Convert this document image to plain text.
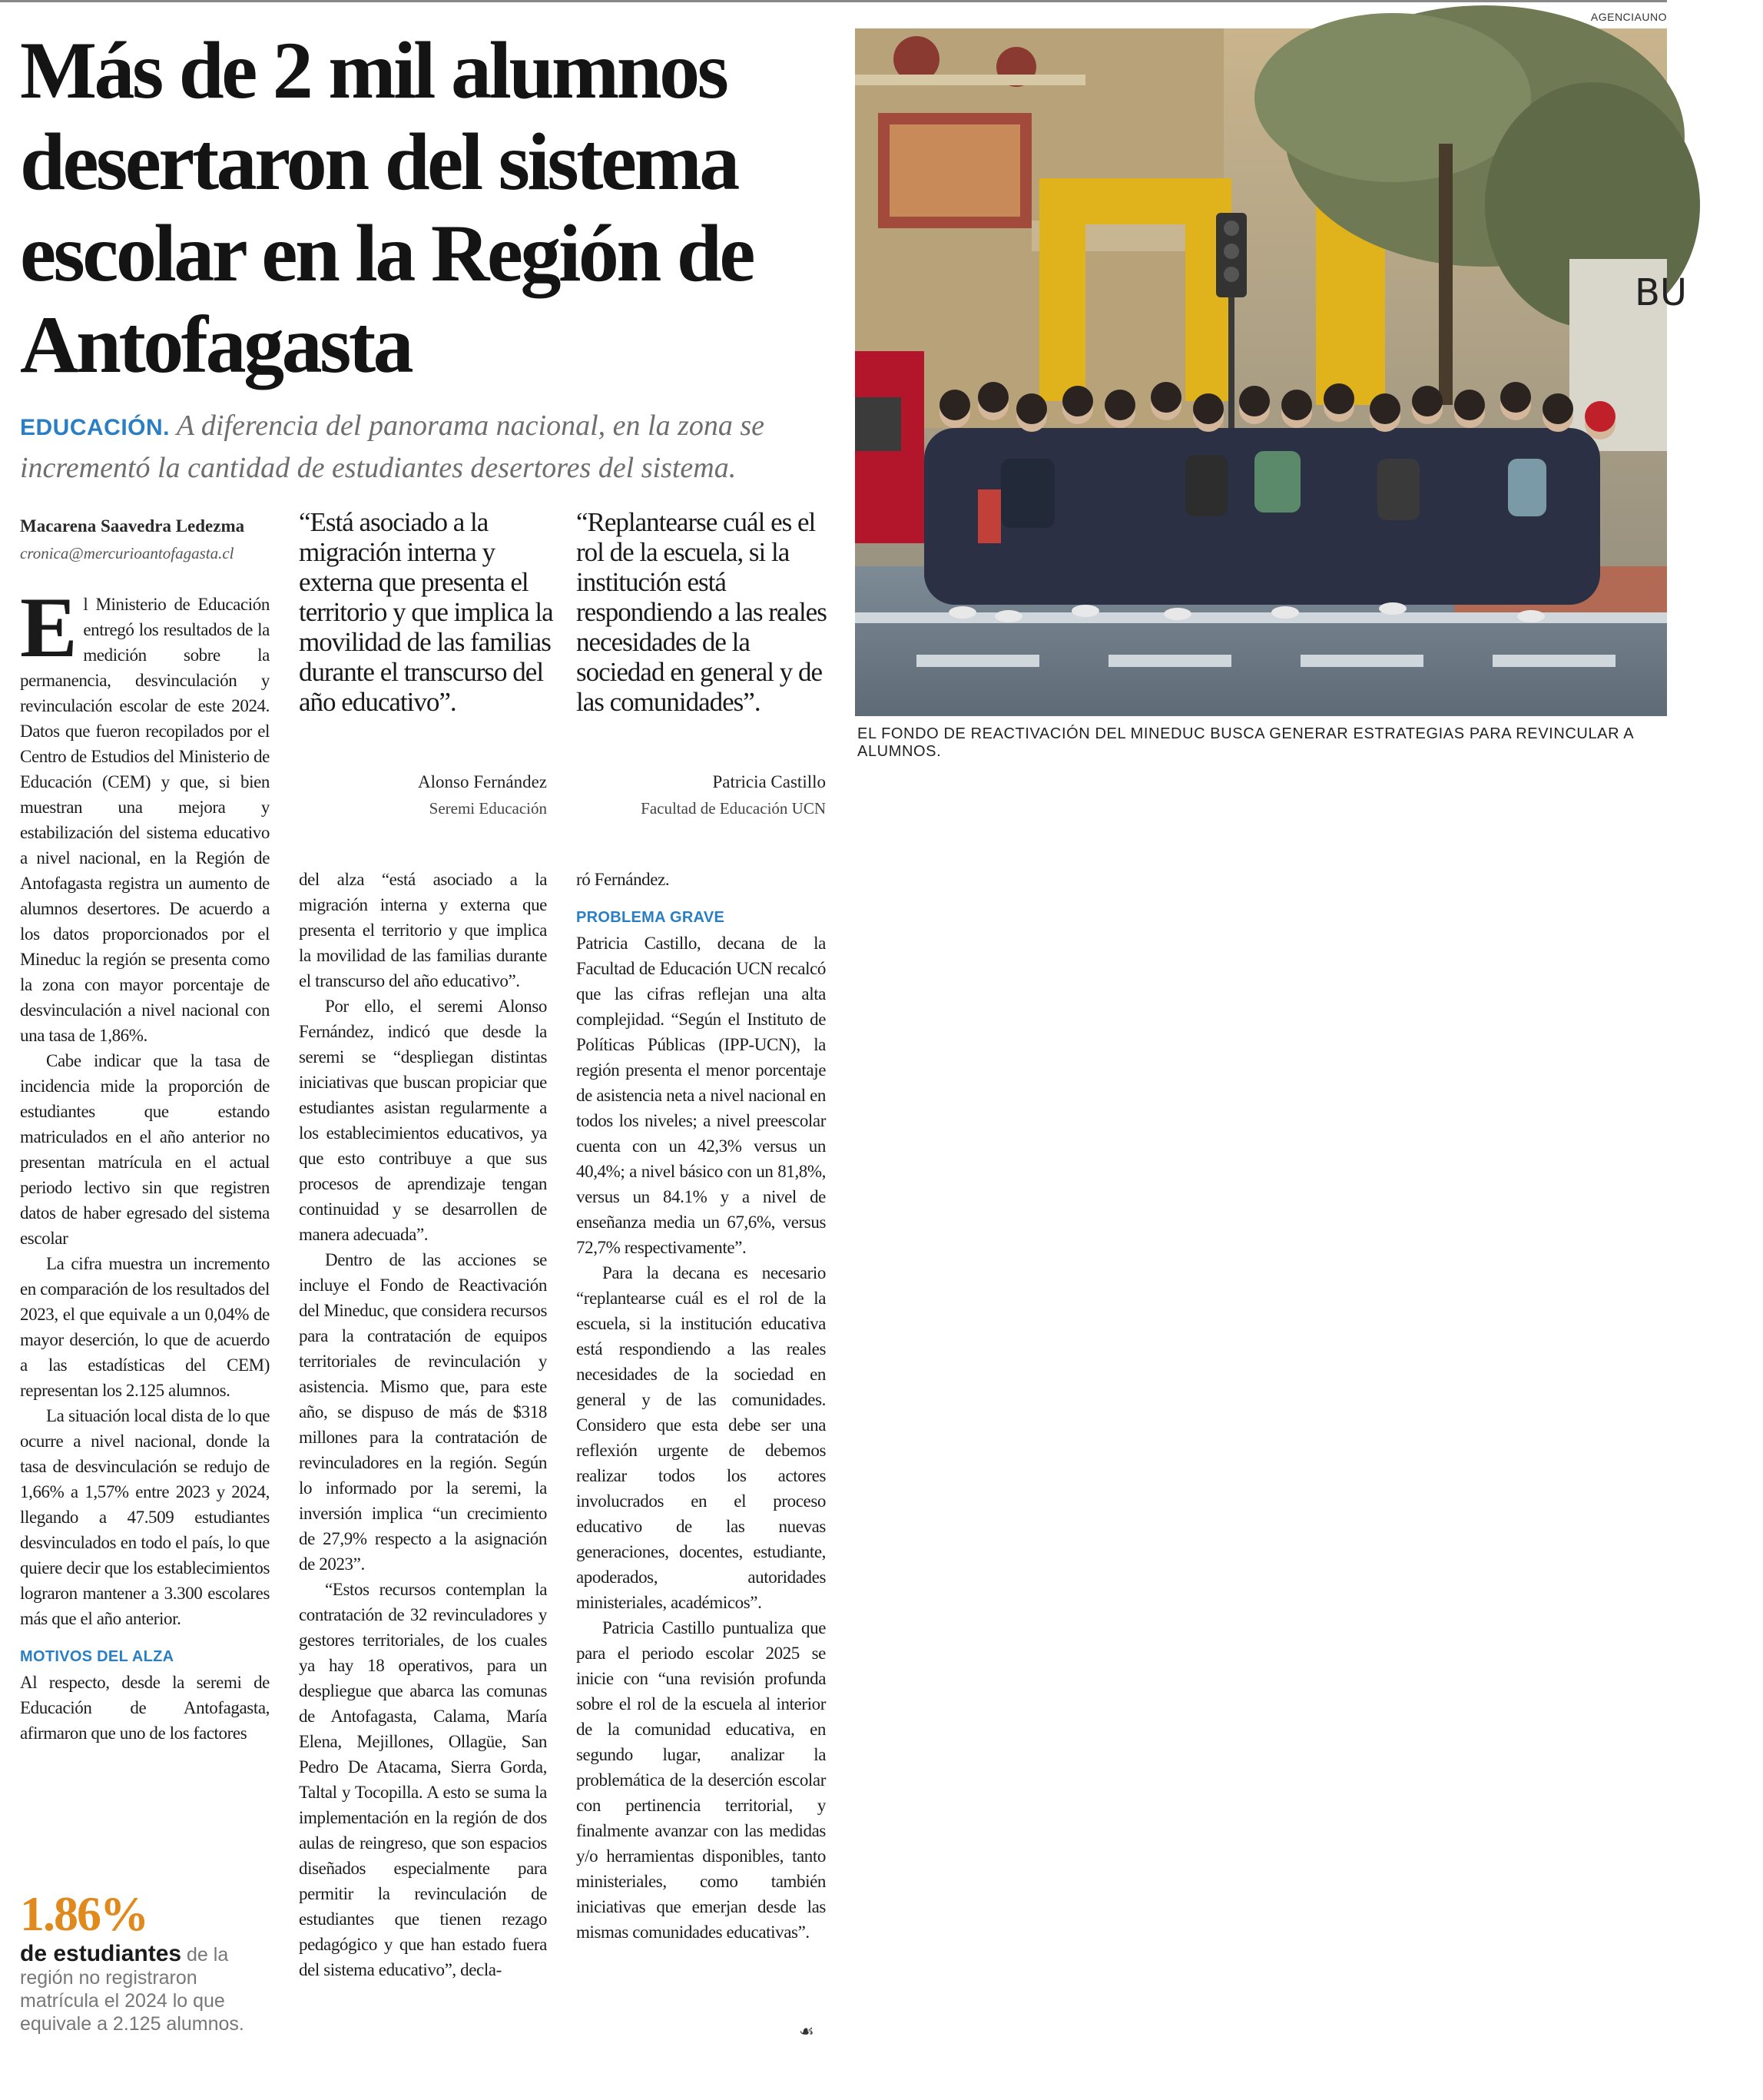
Más de 2 mil alumnos desertaron del sistema escolar en la Región de Antofagasta
EDUCACIÓN. A diferencia del panorama nacional, en la zona se incrementó la cantidad de estudiantes desertores del sistema.
AGENCIAUNO
BU
EL FONDO DE REACTIVACIÓN DEL MINEDUC BUSCA GENERAR ESTRATEGIAS PARA REVINCULAR A ALUMNOS.
Macarena Saavedra Ledezma
cronica@mercurioantofagasta.cl
“Está asociado a la migración interna y externa que presenta el territorio y que implica la movilidad de las familias durante el transcurso del año educativo”.
Alonso Fernández
Seremi Educación
“Replantearse cuál es el rol de la escuela, si la institución está respondiendo a las reales necesidades de la sociedad en general y de las comunidades”.
Patricia Castillo
Facultad de Educación UCN

El Ministerio de Educación entregó los resultados de la medición sobre la permanencia, desvinculación y revinculación escolar de este 2024. Datos que fueron recopilados por el Centro de Estudios del Ministerio de Educación (CEM) y que, si bien muestran una mejora y estabilización del sistema educativo a nivel nacional, en la Región de Antofagasta registra un aumento de alumnos desertores. De acuerdo a los datos proporcionados por el Mineduc la región se presenta como la zona con mayor porcentaje de desvinculación a nivel nacional con una tasa de 1,86%.

Cabe indicar que la tasa de incidencia mide la proporción de estudiantes que estando matriculados en el año anterior no presentan matrícula en el actual periodo lectivo sin que registren datos de haber egresado del sistema escolar

La cifra muestra un incremento en comparación de los resultados del 2023, el que equivale a un 0,04% de mayor deserción, lo que de acuerdo a las estadísticas del CEM) representan los 2.125 alumnos.

La situación local dista de lo que ocurre a nivel nacional, donde la tasa de desvinculación se redujo de 1,66% a 1,57% entre 2023 y 2024, llegando a 47.509 estudiantes desvinculados en todo el país, lo que quiere decir que los establecimientos lograron mantener a 3.300 escolares más que el año anterior.

MOTIVOS DEL ALZA

Al respecto, desde la seremi de Educación de Antofagasta, afirmaron que uno de los factores

1.86%
de estudiantes de la región no registraron matrícula el 2024 lo que equivale a 2.125 alumnos.

del alza “está asociado a la migración interna y externa que presenta el territorio y que implica la movilidad de las familias durante el transcurso del año educativo”.

Por ello, el seremi Alonso Fernández, indicó que desde la seremi se “despliegan distintas iniciativas que buscan propiciar que estudiantes asistan regularmente a los establecimientos educativos, ya que esto contribuye a que sus procesos de aprendizaje tengan continuidad y se desarrollen de manera adecuada”.

Dentro de las acciones se incluye el Fondo de Reactivación del Mineduc, que considera recursos para la contratación de equipos territoriales de revinculación y asistencia. Mismo que, para este año, se dispuso de más de $318 millones para la contratación de revinculadores en la región. Según lo informado por la seremi, la inversión implica “un crecimiento de 27,9% respecto a la asignación de 2023”.

“Estos recursos contemplan la contratación de 32 revinculadores y gestores territoriales, de los cuales ya hay 18 operativos, para un despliegue que abarca las comunas de Antofagasta, Calama, María Elena, Mejillones, Ollagüe, San Pedro De Atacama, Sierra Gorda, Taltal y Tocopilla. A esto se suma la implementación en la región de dos aulas de reingreso, que son espacios diseñados especialmente para permitir la revinculación de estudiantes que tienen rezago pedagógico y que han estado fuera del sistema educativo”, decla-

ró Fernández.

PROBLEMA GRAVE

Patricia Castillo, decana de la Facultad de Educación UCN recalcó que las cifras reflejan una alta complejidad. “Según el Instituto de Políticas Públicas (IPP-UCN), la región presenta el menor porcentaje de asistencia neta a nivel nacional en todos los niveles; a nivel preescolar cuenta con un 42,3% versus un 40,4%; a nivel básico con un 81,8%, versus un 84.1% y a nivel de enseñanza media un 67,6%, versus 72,7% respectivamente”.

Para la decana es necesario “replantearse cuál es el rol de la escuela, si la institución educativa está respondiendo a las reales necesidades de la sociedad en general y de las comunidades. Considero que esta debe ser una reflexión urgente de debemos realizar todos los actores involucrados en el proceso educativo de las nuevas generaciones, docentes, estudiante, apoderados, autoridades ministeriales, académicos”.

Patricia Castillo puntualiza que para el periodo escolar 2025 se inicie con “una revisión profunda sobre el rol de la escuela al interior de la comunidad educativa, en segundo lugar, analizar la problemática de la deserción escolar con pertinencia territorial, y finalmente avanzar con las medidas y/o herramientas disponibles, tanto ministeriales, como también iniciativas que emerjan desde las mismas comunidades educativas”.

☙
